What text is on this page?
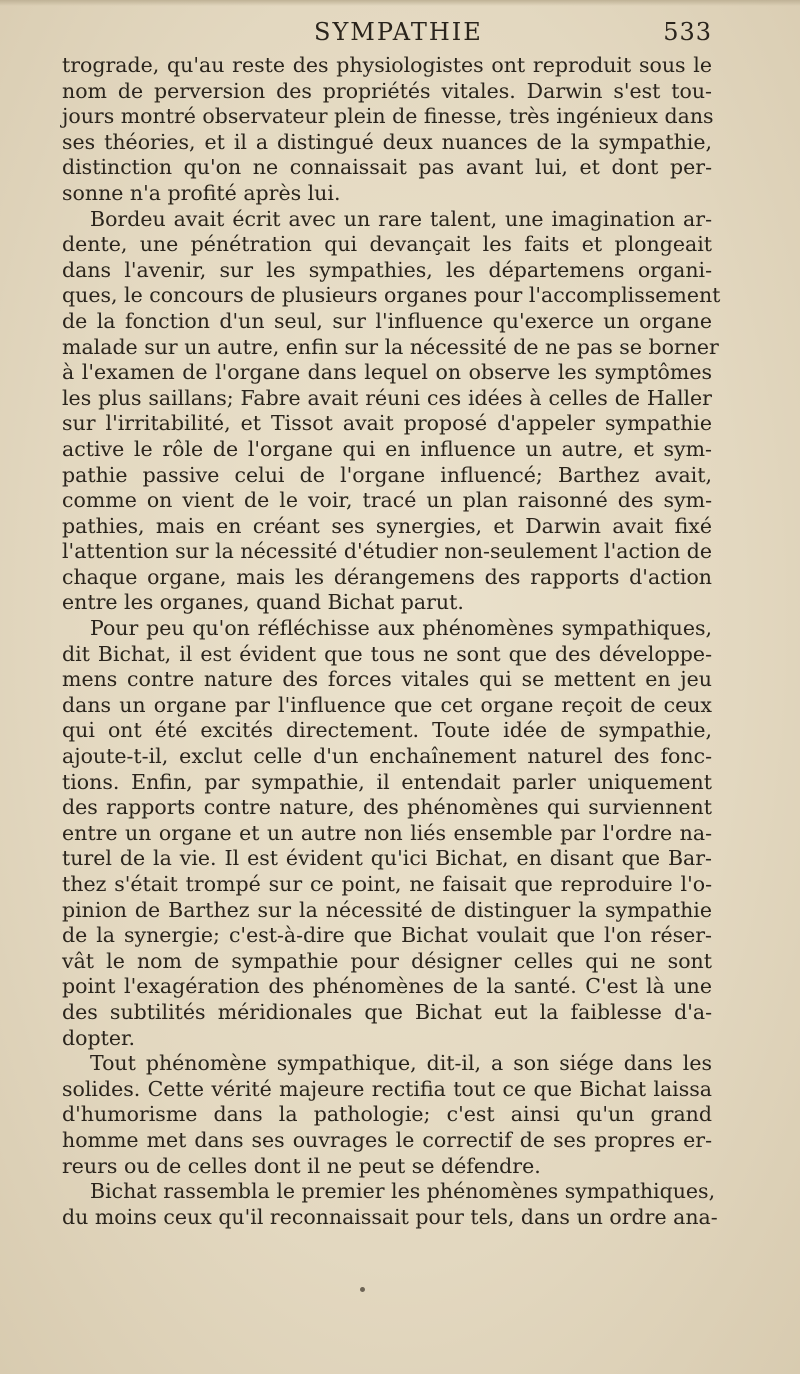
SYMPATHIE	533
trograde, qu'au reste des physiologistes ont reproduit sous le
nom de perversion des propriétés vitales. Darwin s'est tou-
jours montré observateur plein de finesse, très ingénieux dans
ses théories, et il a distingué deux nuances de la sympathie,
distinction qu'on ne connaissait pas avant lui, et dont per-
sonne n'a profité après lui.
Bordeu avait écrit avec un rare talent, une imagination ar-
dente, une pénétration qui devançait les faits et plongeait
dans l'avenir, sur les sympathies, les départemens organi-
ques, le concours de plusieurs organes pour l'accomplissement
de la fonction d'un seul, sur l'influence qu'exerce un organe
malade sur un autre, enfin sur la nécessité de ne pas se borner
à l'examen de l'organe dans lequel on observe les symptômes
les plus saillans; Fabre avait réuni ces idées à celles de Haller
sur l'irritabilité, et Tissot avait proposé d'appeler sympathie
active le rôle de l'organe qui en influence un autre, et sym-
pathie passive celui de l'organe influencé; Barthez avait,
comme on vient de le voir, tracé un plan raisonné des sym-
pathies, mais en créant ses synergies, et Darwin avait fixé
l'attention sur la nécessité d'étudier non-seulement l'action de
chaque organe, mais les dérangemens des rapports d'action
entre les organes, quand Bichat parut.
Pour peu qu'on réfléchisse aux phénomènes sympathiques,
dit Bichat, il est évident que tous ne sont que des développe-
mens contre nature des forces vitales qui se mettent en jeu
dans un organe par l'influence que cet organe reçoit de ceux
qui ont été excités directement. Toute idée de sympathie,
ajoute-t-il, exclut celle d'un enchaînement naturel des fonc-
tions. Enfin, par sympathie, il entendait parler uniquement
des rapports contre nature, des phénomènes qui surviennent
entre un organe et un autre non liés ensemble par l'ordre na-
turel de la vie. Il est évident qu'ici Bichat, en disant que Bar-
thez s'était trompé sur ce point, ne faisait que reproduire l'o-
pinion de Barthez sur la nécessité de distinguer la sympathie
de la synergie; c'est-à-dire que Bichat voulait que l'on réser-
vât le nom de sympathie pour désigner celles qui ne sont
point l'exagération des phénomènes de la santé. C'est là une
des subtilités méridionales que Bichat eut la faiblesse d'a-
dopter.
Tout phénomène sympathique, dit-il, a son siége dans les
solides. Cette vérité majeure rectifia tout ce que Bichat laissa
d'humorisme dans la pathologie; c'est ainsi qu'un grand
homme met dans ses ouvrages le correctif de ses propres er-
reurs ou de celles dont il ne peut se défendre.
Bichat rassembla le premier les phénomènes sympathiques,
du moins ceux qu'il reconnaissait pour tels, dans un ordre ana-
